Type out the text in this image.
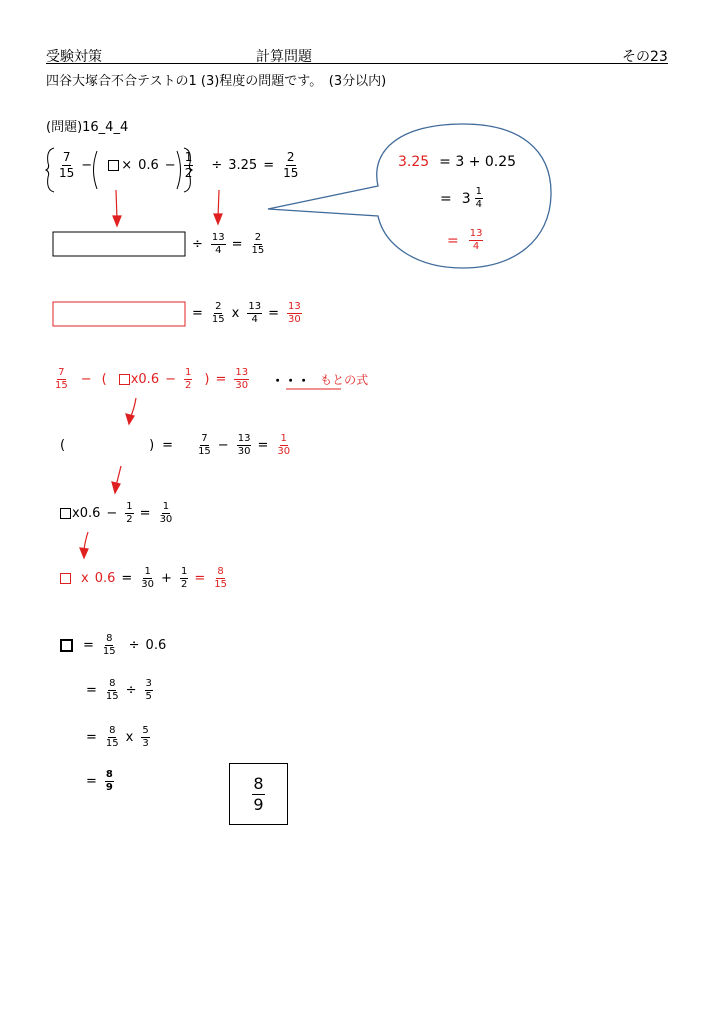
受験対策	計算問題	その23
四谷大塚合不合テストの1 (3)程度の問題です。　(3分以内)
(問題)16_4_4
$\frac{7}{15}$ − × $0.6 - \frac{1}{2} \div 3.25 = \frac{2}{15}$	3.25 = 3 + 0.25
= $3 \frac{1}{4}$
= $\frac{13}{4}$
÷ $\frac{13}{4} = \frac{2}{15}$
= $\frac{2}{15}$ x $\frac{13}{4} = \frac{13}{30}$
$\frac{7}{15}$ − ( $x0.6 - \frac{1}{2}$ ) = $\frac{13}{30}$ ・・・ もとの式
(	) = $\frac{7}{15} - \frac{13}{30} = \frac{1}{30}$
$x0.6 - \frac{1}{2} = \frac{1}{30}$
x $0.6 = \frac{1}{30} + \frac{1}{2} = \frac{8}{15}$
= $\frac{8}{15} \div 0.6$
= $\frac{8}{15} \div \frac{3}{5}$
= $\frac{8}{15}$ x $\frac{5}{3}$
= $\frac{8}{9}$	$\frac{8}{9}$
